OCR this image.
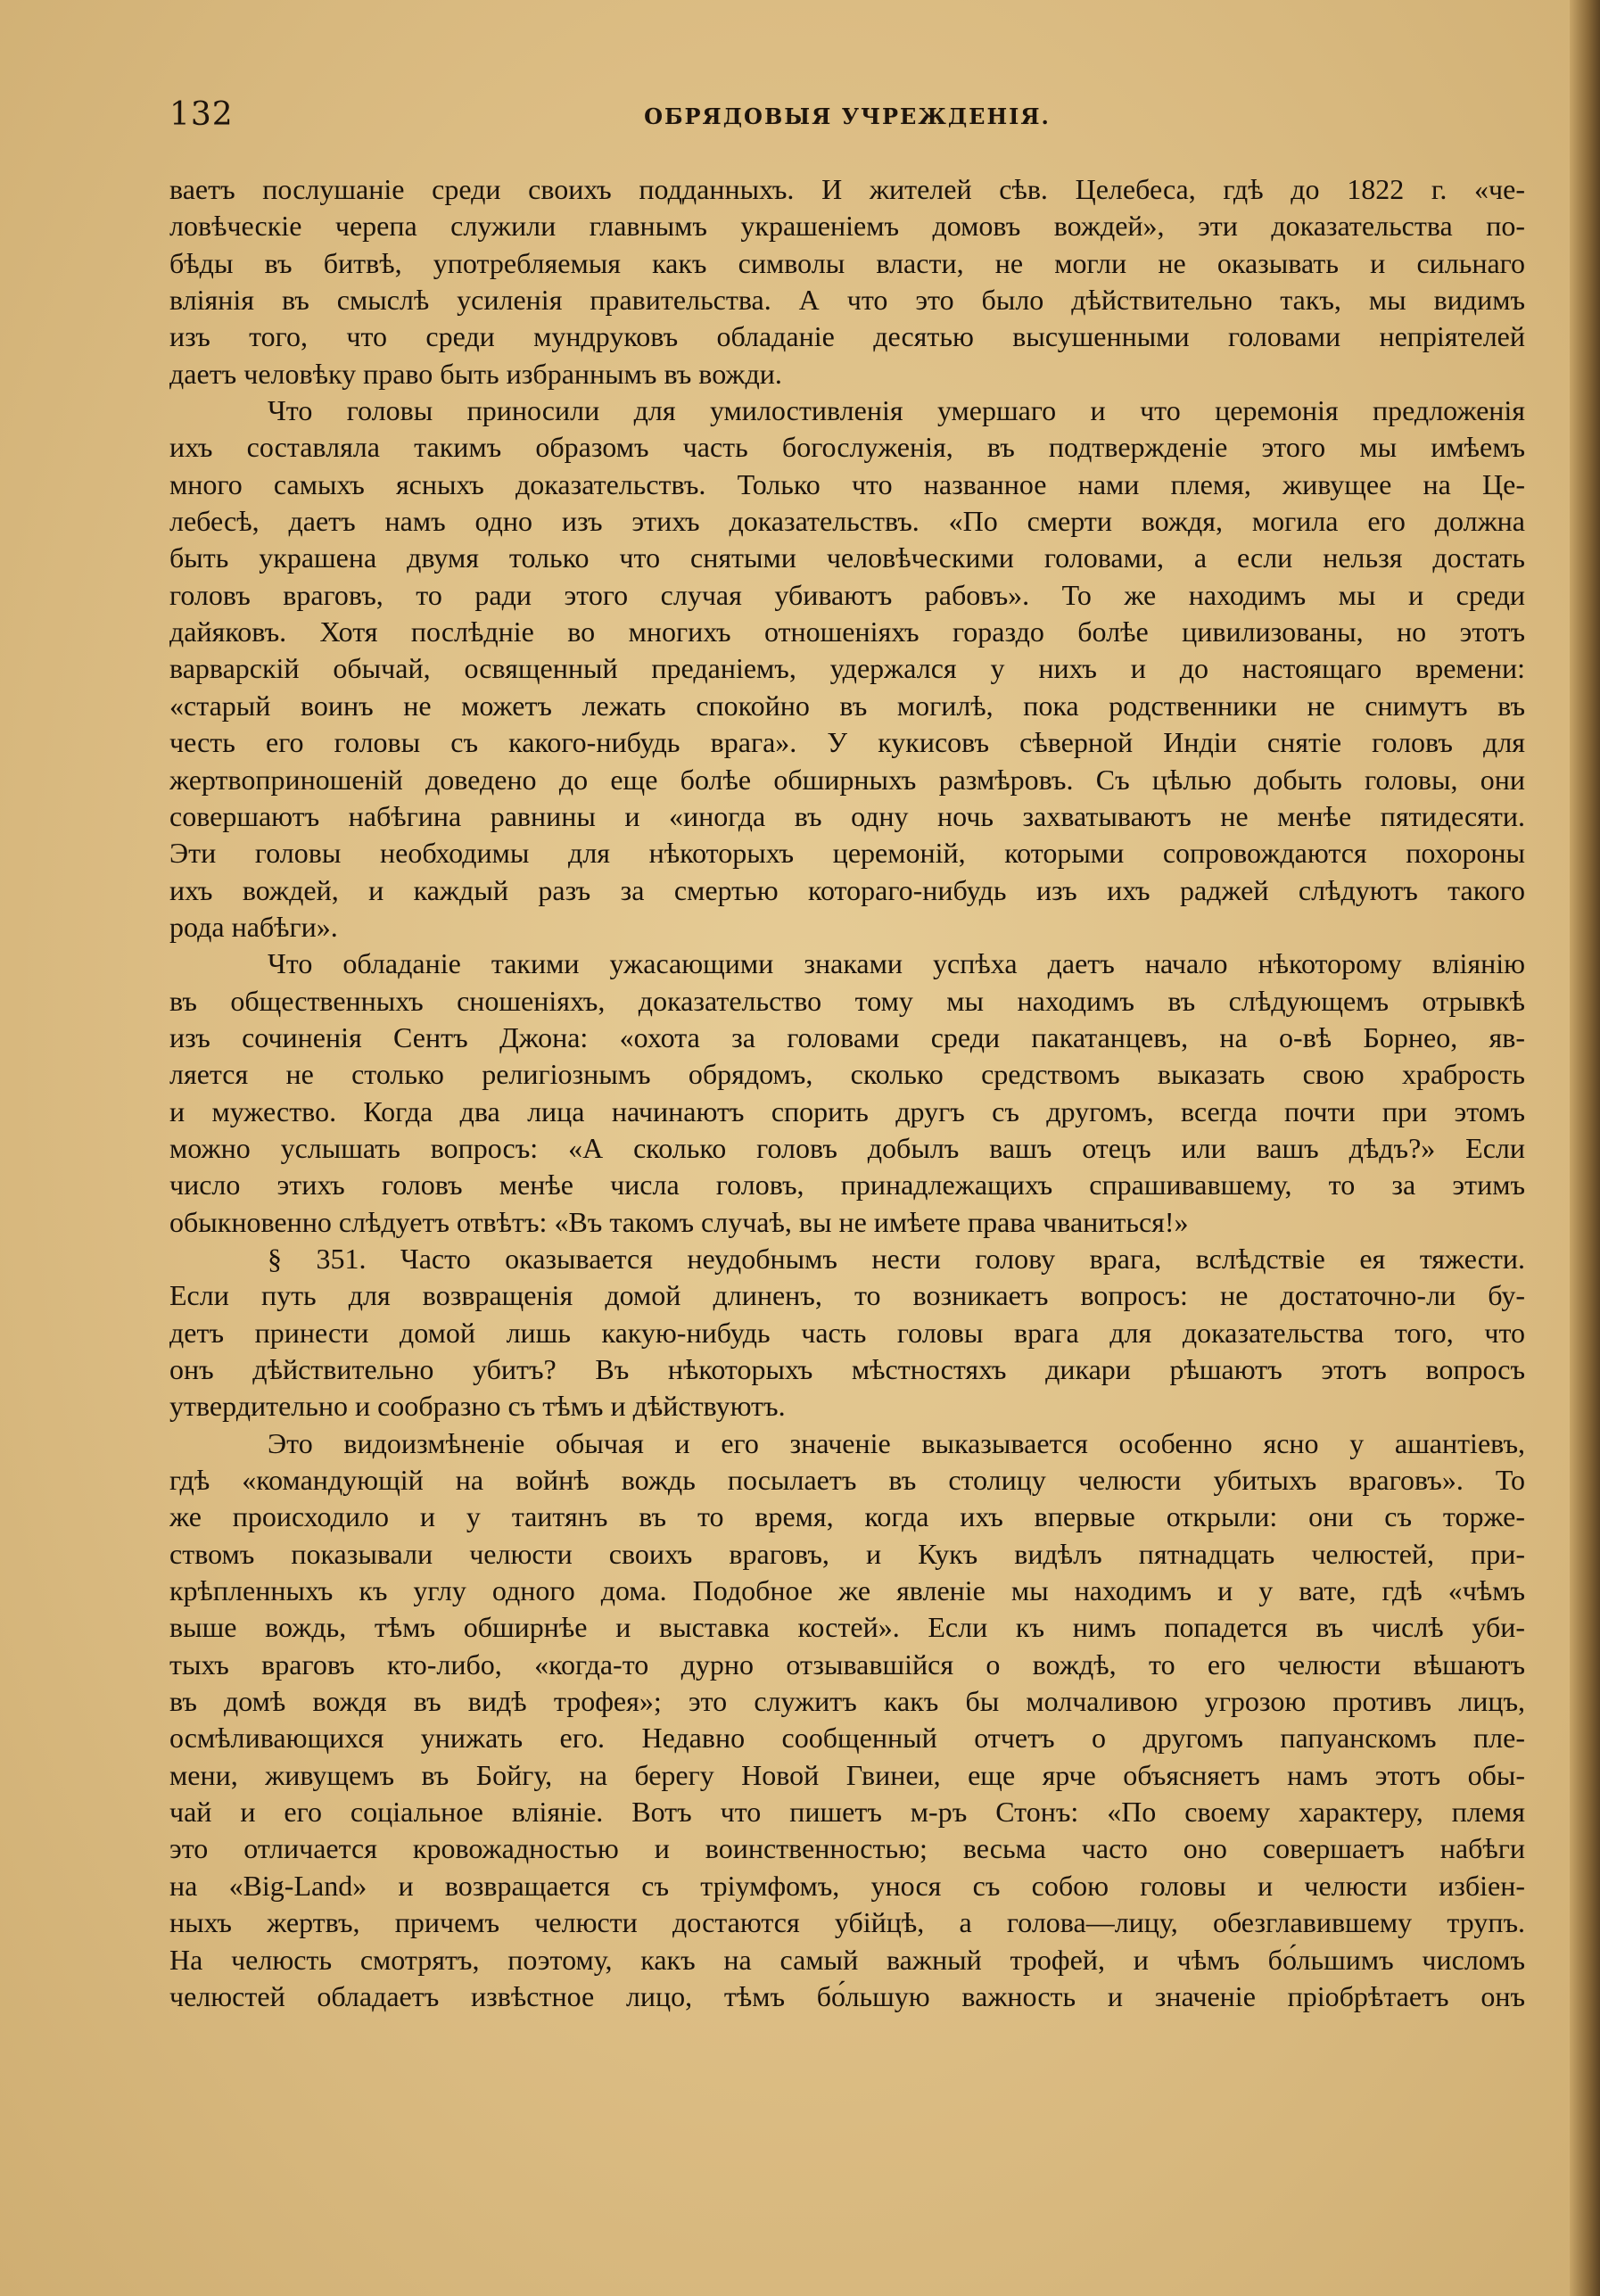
132	ОБРЯДОВЫЯ УЧРЕЖДЕНІЯ.
ваетъ послушаніе среди своихъ подданныхъ. И жителей сѣв. Целебеса, гдѣ до 1822 г. «че-
ловѣческіе черепа служили главнымъ украшеніемъ домовъ вождей», эти доказательства по-
бѣды въ битвѣ, употребляемыя какъ символы власти, не могли не оказывать и сильнаго
вліянія въ смыслѣ усиленія правительства. А что это было дѣйствительно такъ, мы видимъ
изъ того, что среди мундруковъ обладаніе десятью высушенными головами непріятелей
даетъ человѣку право быть избраннымъ въ вожди.
Что головы приносили для умилостивленія умершаго и что церемонія предложенія
ихъ составляла такимъ образомъ часть богослуженія, въ подтвержденіе этого мы имѣемъ
много самыхъ ясныхъ доказательствъ. Только что названное нами племя, живущее на Це-
лебесѣ, даетъ намъ одно изъ этихъ доказательствъ. «По смерти вождя, могила его должна
быть украшена двумя только что снятыми человѣческими головами, а если нельзя достать
головъ враговъ, то ради этого случая убиваютъ рабовъ». То же находимъ мы и среди
дайяковъ. Хотя послѣдніе во многихъ отношеніяхъ гораздо болѣе цивилизованы, но этотъ
варварскій обычай, освященный преданіемъ, удержался у нихъ и до настоящаго времени:
«старый воинъ не можетъ лежать спокойно въ могилѣ, пока родственники не снимутъ въ
честь его головы съ какого-нибудь врага». У кукисовъ сѣверной Индіи снятіе головъ для
жертвоприношеній доведено до еще болѣе обширныхъ размѣровъ. Съ цѣлью добыть головы, они
совершаютъ набѣгина равнины и «иногда въ одну ночь захватываютъ не менѣе пятидесяти.
Эти головы необходимы для нѣкоторыхъ церемоній, которыми сопровождаются похороны
ихъ вождей, и каждый разъ за смертью котораго-нибудь изъ ихъ раджей слѣдуютъ такого
рода набѣги».
Что обладаніе такими ужасающими знаками успѣха даетъ начало нѣкоторому вліянію
въ общественныхъ сношеніяхъ, доказательство тому мы находимъ въ слѣдующемъ отрывкѣ
изъ сочиненія Сентъ Джона: «охота за головами среди пакатанцевъ, на о-вѣ Борнео, яв-
ляется не столько религіознымъ обрядомъ, сколько средствомъ выказать свою храбрость
и мужество. Когда два лица начинаютъ спорить другъ съ другомъ, всегда почти при этомъ
можно услышать вопросъ: «А сколько головъ добылъ вашъ отецъ или вашъ дѣдъ?» Если
число этихъ головъ менѣе числа головъ, принадлежащихъ спрашивавшему, то за этимъ
обыкновенно слѣдуетъ отвѣтъ: «Въ такомъ случаѣ, вы не имѣете права чваниться!»
§ 351. Часто оказывается неудобнымъ нести голову врага, вслѣдствіе ея тяжести.
Если путь для возвращенія домой длиненъ, то возникаетъ вопросъ: не достаточно-ли бу-
детъ принести домой лишь какую-нибудь часть головы врага для доказательства того, что
онъ дѣйствительно убитъ? Въ нѣкоторыхъ мѣстностяхъ дикари рѣшаютъ этотъ вопросъ
утвердительно и сообразно съ тѣмъ и дѣйствуютъ.
Это видоизмѣненіе обычая и его значеніе выказывается особенно ясно у ашантіевъ,
гдѣ «командующій на войнѣ вождь посылаетъ въ столицу челюсти убитыхъ враговъ». То
же происходило и у таитянъ въ то время, когда ихъ впервые открыли: они съ торже-
ствомъ показывали челюсти своихъ враговъ, и Кукъ видѣлъ пятнадцать челюстей, при-
крѣпленныхъ къ углу одного дома. Подобное же явленіе мы находимъ и у вате, гдѣ «чѣмъ
выше вождь, тѣмъ обширнѣе и выставка костей». Если къ нимъ попадется въ числѣ уби-
тыхъ враговъ кто-либо, «когда-то дурно отзывавшійся о вождѣ, то его челюсти вѣшаютъ
въ домѣ вождя въ видѣ трофея»; это служитъ какъ бы молчаливою угрозою противъ лицъ,
осмѣливающихся унижать его. Недавно сообщенный отчетъ о другомъ папуанскомъ пле-
мени, живущемъ въ Бойгу, на берегу Новой Гвинеи, еще ярче объясняетъ намъ этотъ обы-
чай и его соціальное вліяніе. Вотъ что пишетъ м-ръ Стонъ: «По своему характеру, племя
это отличается кровожадностью и воинственностью; весьма часто оно совершаетъ набѣги
на «Big-Land» и возвращается съ тріумфомъ, унося съ собою головы и челюсти избіен-
ныхъ жертвъ, причемъ челюсти достаются убійцѣ, а голова—лицу, обезглавившему трупъ.
На челюсть смотрятъ, поэтому, какъ на самый важный трофей, и чѣмъ бо́льшимъ числомъ
челюстей обладаетъ извѣстное лицо, тѣмъ бо́льшую важность и значеніе пріобрѣтаетъ онъ
